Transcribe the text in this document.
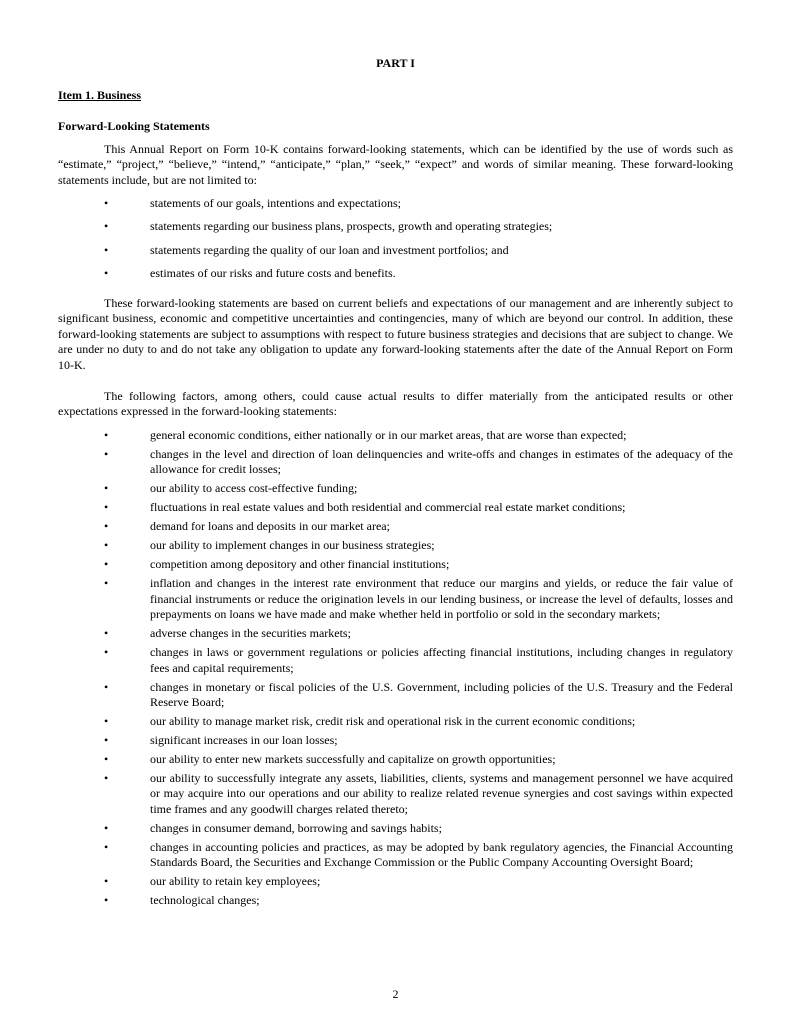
PART I
Item 1. Business
Forward-Looking Statements

This Annual Report on Form 10-K contains forward-looking statements, which can be identified by the use of words such as “estimate,” “project,” “believe,” “intend,” “anticipate,” “plan,” “seek,” “expect” and words of similar meaning. These forward-looking statements include, but are not limited to:

•	statements of our goals, intentions and expectations;
•	statements regarding our business plans, prospects, growth and operating strategies;
•	statements regarding the quality of our loan and investment portfolios; and
•	estimates of our risks and future costs and benefits.

These forward-looking statements are based on current beliefs and expectations of our management and are inherently subject to significant business, economic and competitive uncertainties and contingencies, many of which are beyond our control. In addition, these forward-looking statements are subject to assumptions with respect to future business strategies and decisions that are subject to change. We are under no duty to and do not take any obligation to update any forward-looking statements after the date of the Annual Report on Form 10-K.

The following factors, among others, could cause actual results to differ materially from the anticipated results or other expectations expressed in the forward-looking statements:

•	general economic conditions, either nationally or in our market areas, that are worse than expected;
•	changes in the level and direction of loan delinquencies and write-offs and changes in estimates of the adequacy of the allowance for credit losses;
•	our ability to access cost-effective funding;
•	fluctuations in real estate values and both residential and commercial real estate market conditions;
•	demand for loans and deposits in our market area;
•	our ability to implement changes in our business strategies;
•	competition among depository and other financial institutions;
•	inflation and changes in the interest rate environment that reduce our margins and yields, or reduce the fair value of financial instruments or reduce the origination levels in our lending business, or increase the level of defaults, losses and prepayments on loans we have made and make whether held in portfolio or sold in the secondary markets;
•	adverse changes in the securities markets;
•	changes in laws or government regulations or policies affecting financial institutions, including changes in regulatory fees and capital requirements;
•	changes in monetary or fiscal policies of the U.S. Government, including policies of the U.S. Treasury and the Federal Reserve Board;
•	our ability to manage market risk, credit risk and operational risk in the current economic conditions;
•	significant increases in our loan losses;
•	our ability to enter new markets successfully and capitalize on growth opportunities;
•	our ability to successfully integrate any assets, liabilities, clients, systems and management personnel we have acquired or may acquire into our operations and our ability to realize related revenue synergies and cost savings within expected time frames and any goodwill charges related thereto;
•	changes in consumer demand, borrowing and savings habits;
•	changes in accounting policies and practices, as may be adopted by bank regulatory agencies, the Financial Accounting Standards Board, the Securities and Exchange Commission or the Public Company Accounting Oversight Board;
•	our ability to retain key employees;
•	technological changes;
2
